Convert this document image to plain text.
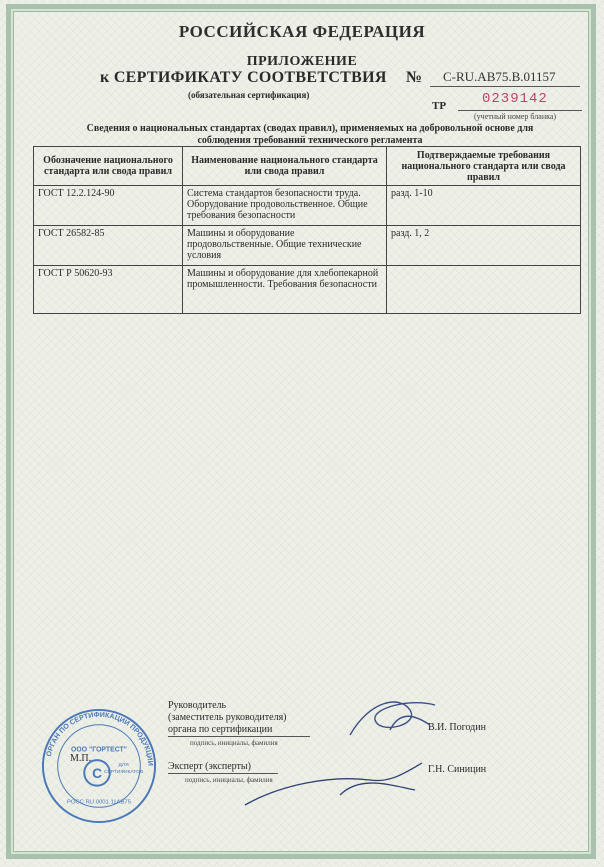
РОССИЙСКАЯ ФЕДЕРАЦИЯ
ПРИЛОЖЕНИЕ
к СЕРТИФИКАТУ СООТВЕТСТВИЯ № С-RU.АВ75.В.01157
(обязательная сертификация)
ТР	0239142
(учетный номер бланка)
Сведения о национальных стандартах (сводах правил), применяемых на добровольной основе для соблюдения требований технического регламента
Обозначение национального стандарта или свода правил	Наименование национального стандарта или свода правил	Подтверждаемые требования национального стандарта или свода правил
ГОСТ 12.2.124-90	Система стандартов безопасности труда. Оборудование продовольственное. Общие требования безопасности	разд. 1-10
ГОСТ 26582-85	Машины и оборудование продовольственные. Общие технические условия	разд. 1, 2
ГОСТ Р 50620-93	Машины и оборудование для хлебопекарной промышленности. Требования безопасности	
Руководитель
(заместитель руководителя)
органа по сертификации
подпись, инициалы, фамилия
В.И. Погодин
Эксперт (эксперты)
подпись, инициалы, фамилия
Г.Н. Синицин
М.П.
ОРГАН ПО СЕРТИФИКАЦИИ ПРОДУКЦИИ
ООО "ГОРТЕСТ"
С
ДЛЯ
СЕРТИФИКАТОВ
РОСС RU.0001.11АВ75
